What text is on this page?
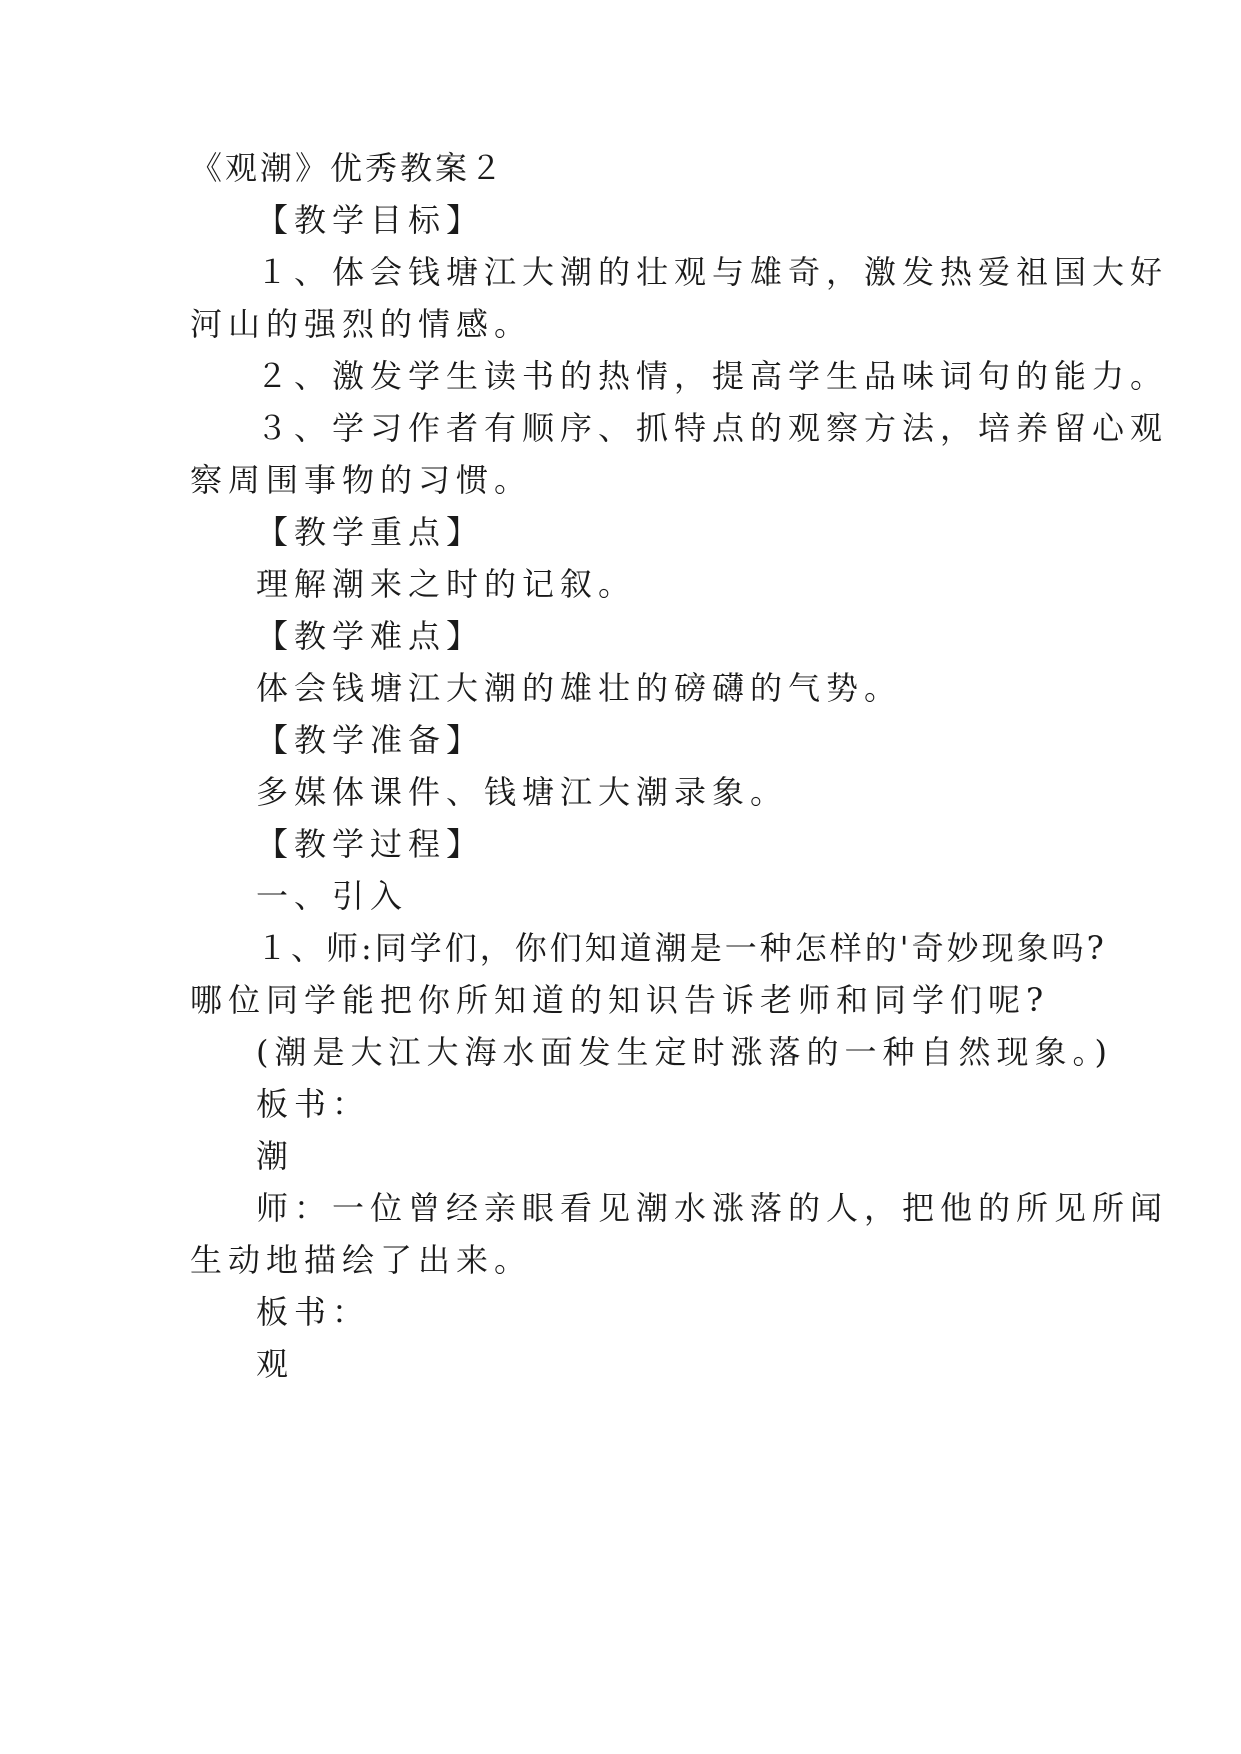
《观潮》优秀教案２
【教学目标】
１、体会钱塘江大潮的壮观与雄奇，激发热爱祖国大好
河山的强烈的情感。
２、激发学生读书的热情，提高学生品味词句的能力。
３、学习作者有顺序、抓特点的观察方法，培养留心观
察周围事物的习惯。
【教学重点】
理解潮来之时的记叙。
【教学难点】
体会钱塘江大潮的雄壮的磅礴的气势。
【教学准备】
多媒体课件、钱塘江大潮录象。
【教学过程】
一、引入
１、师:同学们，你们知道潮是一种怎样的'奇妙现象吗?
哪位同学能把你所知道的知识告诉老师和同学们呢?
(潮是大江大海水面发生定时涨落的一种自然现象。)
板书：
潮
师：一位曾经亲眼看见潮水涨落的人，把他的所见所闻
生动地描绘了出来。
板书：
观
